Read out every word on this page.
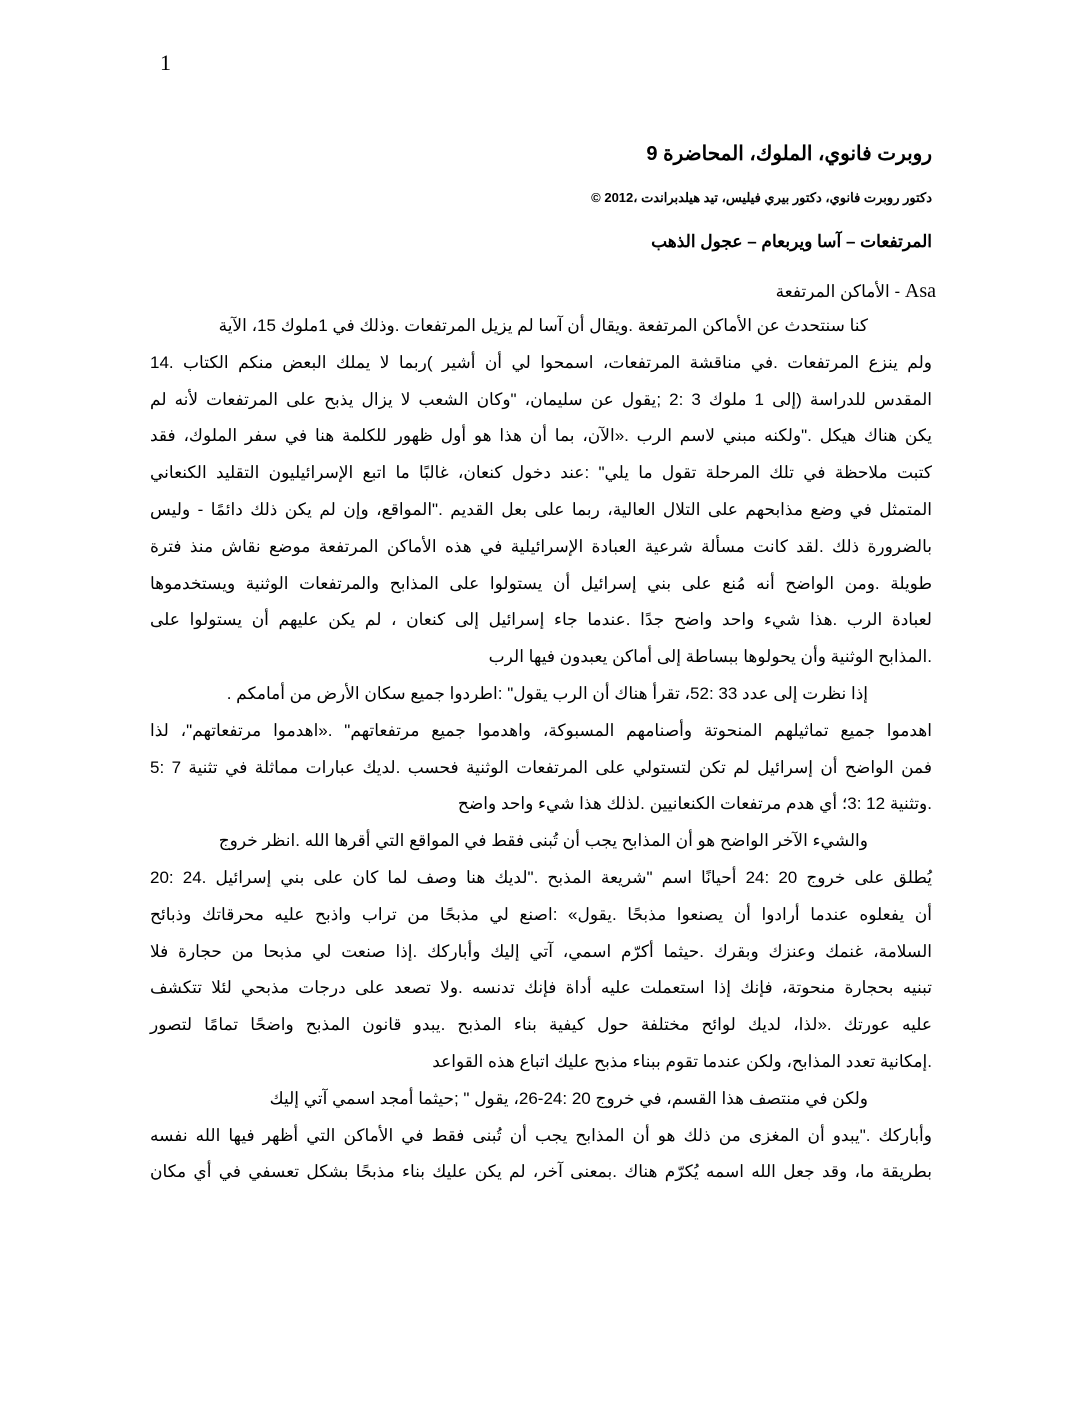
1
روبرت فانوي، الملوك، المحاضرة 9
دكتور روبرت فانوي، دكتور بيري فيليس، تيد هيلدبراندت ،2012 ©
المرتفعات – آسا ويربعام – عجول الذهب
Asa - الأماكن المرتفعة
كنا سنتحدث عن الأماكن المرتفعة .ويقال أن آسا لم يزيل المرتفعات .وذلك في 1ملوك 15، الآية
ولم ينزع المرتفعات .في مناقشة المرتفعات، اسمحوا لي أن أشير )ربما لا يملك البعض منكم الكتاب .14
المقدس للدراسة (إلى 1 ملوك 3 :2 ;يقول عن سليمان، "وكان الشعب لا يزال يذبح على المرتفعات لأنه لم
يكن هناك هيكل ."ولكنه مبني لاسم الرب .«الآن، بما أن هذا هو أول ظهور للكلمة هنا في سفر الملوك، فقد
كتبت ملاحظة في تلك المرحلة تقول ما يلي" :عند دخول كنعان، غالبًا ما اتبع الإسرائيليون التقليد الكنعاني
المتمثل في وضع مذابحهم على التلال العالية، ربما على بعل القديم ."المواقع، وإن لم يكن ذلك دائمًا - وليس
بالضرورة ذلك .لقد كانت مسألة شرعية العبادة الإسرائيلية في هذه الأماكن المرتفعة موضع نقاش منذ فترة
طويلة .ومن الواضح أنه مُنع على بني إسرائيل أن يستولوا على المذابح والمرتفعات الوثنية ويستخدموها
لعبادة الرب .هذا شيء واحد واضح جدًا .عندما جاء إسرائيل إلى كنعان ، لم يكن عليهم أن يستولوا على
.المذابح الوثنية وأن يحولوها ببساطة إلى أماكن يعبدون فيها الرب
إذا نظرت إلى عدد 33 :52، تقرأ هناك أن الرب يقول" :اطردوا جميع سكان الأرض من أمامكم .
اهدموا جميع تماثيلهم المنحوتة وأصنامهم المسبوكة، واهدموا جميع مرتفعاتهم" .«اهدموا مرتفعاتهم"، لذا
فمن الواضح أن إسرائيل لم تكن لتستولي على المرتفعات الوثنية فحسب .لديك عبارات مماثلة في تثنية 7 :5
.وتثنية 12 :3؛ أي هدم مرتفعات الكنعانيين .لذلك هذا شيء واحد واضح
والشيء الآخر الواضح هو أن المذابح يجب أن تُبنى فقط في المواقع التي أقرها الله .انظر خروج
يُطلق على خروج 20 :24 أحيانًا اسم "شريعة المذبح ."لديك هنا وصف لما كان على بني إسرائيل .24 :20
أن يفعلوه عندما أرادوا أن يصنعوا مذبحًا .يقول» :اصنع لي مذبحًا من تراب واذبح عليه محرقاتك وذبائح
السلامة، غنمك وعنزك وبقرك .حيثما أكرّم اسمي، آتي إليك وأباركك .إذا صنعت لي مذبحا من حجارة فلا
تبنيه بحجارة منحوتة، فإنك إذا استعملت عليه أداة فإنك تدنسه .ولا تصعد على درجات مذبحي لئلا تتكشف
عليه عورتك .«لذا، لديك لوائح مختلفة حول كيفية بناء المذبح .يبدو قانون المذبح واضحًا تمامًا لتصور
.إمكانية تعدد المذابح، ولكن عندما تقوم ببناء مذبح عليك اتباع هذه القواعد
ولكن في منتصف هذا القسم، في خروج 20 :24-26، يقول " ;حيثما أمجد اسمي آتي إليك
وأباركك ."يبدو أن المغزى من ذلك هو أن المذابح يجب أن تُبنى فقط في الأماكن التي أظهر فيها الله نفسه
بطريقة ما، وقد جعل الله اسمه يُكرّم هناك .بمعنى آخر، لم يكن عليك بناء مذبحًا بشكل تعسفي في أي مكان
